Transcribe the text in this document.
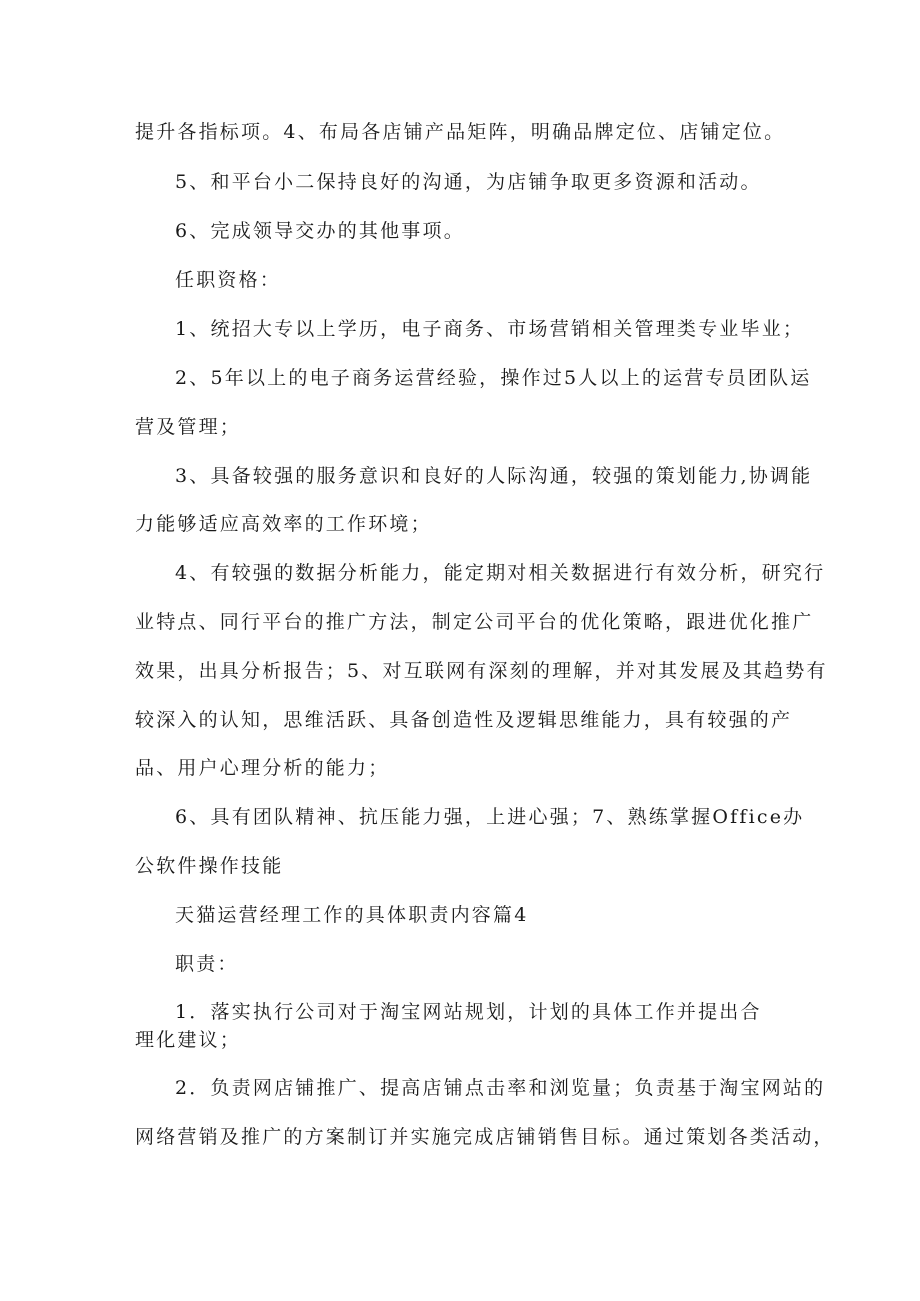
提升各指标项。4、布局各店铺产品矩阵，明确品牌定位、店铺定位。
5、和平台小二保持良好的沟通，为店铺争取更多资源和活动。
6、完成领导交办的其他事项。
任职资格：
1、统招大专以上学历，电子商务、市场营销相关管理类专业毕业；
2、5年以上的电子商务运营经验，操作过5人以上的运营专员团队运
营及管理；
3、具备较强的服务意识和良好的人际沟通，较强的策划能力,协调能
力能够适应高效率的工作环境；
4、有较强的数据分析能力，能定期对相关数据进行有效分析，研究行
业特点、同行平台的推广方法，制定公司平台的优化策略，跟进优化推广
效果，出具分析报告；5、对互联网有深刻的理解，并对其发展及其趋势有
较深入的认知，思维活跃、具备创造性及逻辑思维能力，具有较强的产
品、用户心理分析的能力；
6、具有团队精神、抗压能力强，上进心强；7、熟练掌握Office办
公软件操作技能
天猫运营经理工作的具体职责内容篇4
职责：
1．落实执行公司对于淘宝网站规划，计划的具体工作并提出合
理化建议；
2．负责网店铺推广、提高店铺点击率和浏览量；负责基于淘宝网站的
网络营销及推广的方案制订并实施完成店铺销售目标。通过策划各类活动，
